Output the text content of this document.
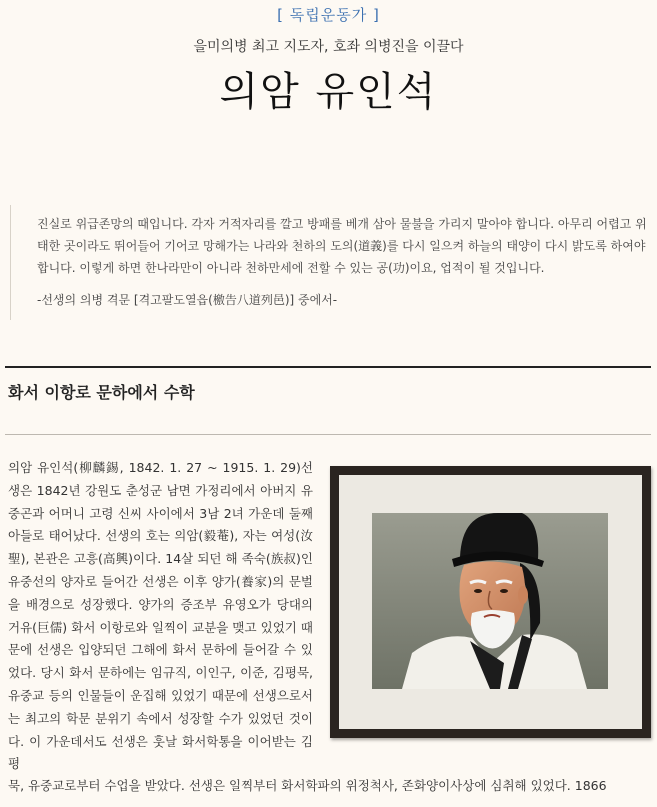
[ 독립운동가 ]
을미의병 최고 지도자, 호좌 의병진을 이끌다
의암 유인석
진실로 위급존망의 때입니다. 각자 거적자리를 깔고 방패를 베개 삼아 물불을 가리지 말아야 합니다. 아무리 어렵고 위태한 곳이라도 뛰어들어 기어코 망해가는 나라와 천하의 도의(道義)를 다시 일으켜 하늘의 태양이 다시 밝도록 하여야 합니다. 이렇게 하면 한나라만이 아니라 천하만세에 전할 수 있는 공(功)이요, 업적이 될 것입니다.
-선생의 의병 격문 [격고팔도열읍(檄告八道列邑)] 중에서-
화서 이항로 문하에서 수학
의암 유인석(柳麟錫, 1842. 1. 27 ~ 1915. 1. 29)선생은 1842년 강원도 춘성군 남면 가정리에서 아버지 유중곤과 어머니 고령 신씨 사이에서 3남 2녀 가운데 둘째 아들로 태어났다. 선생의 호는 의암(毅菴), 자는 여성(汝聖), 본관은 고흥(高興)이다. 14살 되던 해 족숙(族叔)인 유중선의 양자로 들어간 선생은 이후 양가(養家)의 문벌을 배경으로 성장했다. 양가의 증조부 유영오가 당대의 거유(巨儒) 화서 이항로와 일찍이 교분을 맺고 있었기 때문에 선생은 입양되던 그해에 화서 문하에 들어갈 수 있었다. 당시 화서 문하에는 임규직, 이인구, 이준, 김평묵, 유중교 등의 인물들이 운집해 있었기 때문에 선생으로서는 최고의 학문 분위기 속에서 성장할 수가 있었던 것이다. 이 가운데서도 선생은 훗날 화서학통을 이어받는 김평
묵, 유중교로부터 수업을 받았다. 선생은 일찍부터 화서학파의 위정척사, 존화양이사상에 심취해 있었다. 1866
